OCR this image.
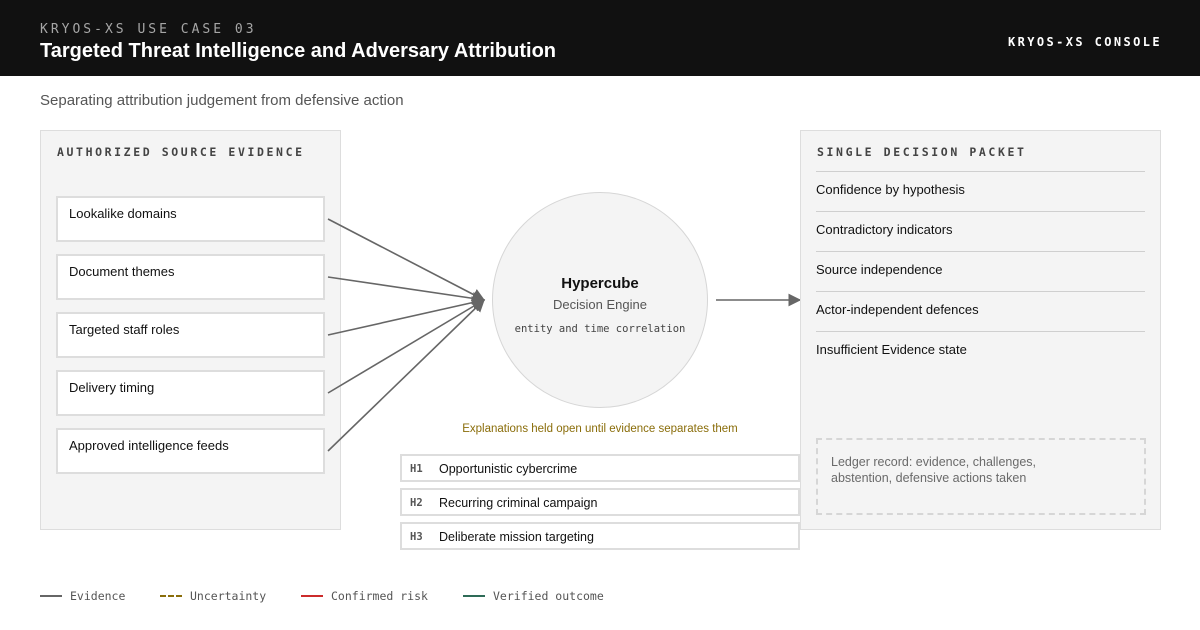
KRYOS-XS USE CASE 03
Targeted Threat Intelligence and Adversary Attribution	KRYOS-XS CONSOLE
Separating attribution judgement from defensive action
AUTHORIZED SOURCE EVIDENCE
Lookalike domains
Document themes
Targeted staff roles
Delivery timing
Approved intelligence feeds
Hypercube
Decision Engine
entity and time correlation
Explanations held open until evidence separates them
H1 Opportunistic cybercrime
H2 Recurring criminal campaign
H3 Deliberate mission targeting
SINGLE DECISION PACKET
Confidence by hypothesis
Contradictory indicators
Source independence
Actor-independent defences
Insufficient Evidence state
Ledger record: evidence, challenges, abstention, defensive actions taken
Evidence	Uncertainty	Confirmed risk	Verified outcome
